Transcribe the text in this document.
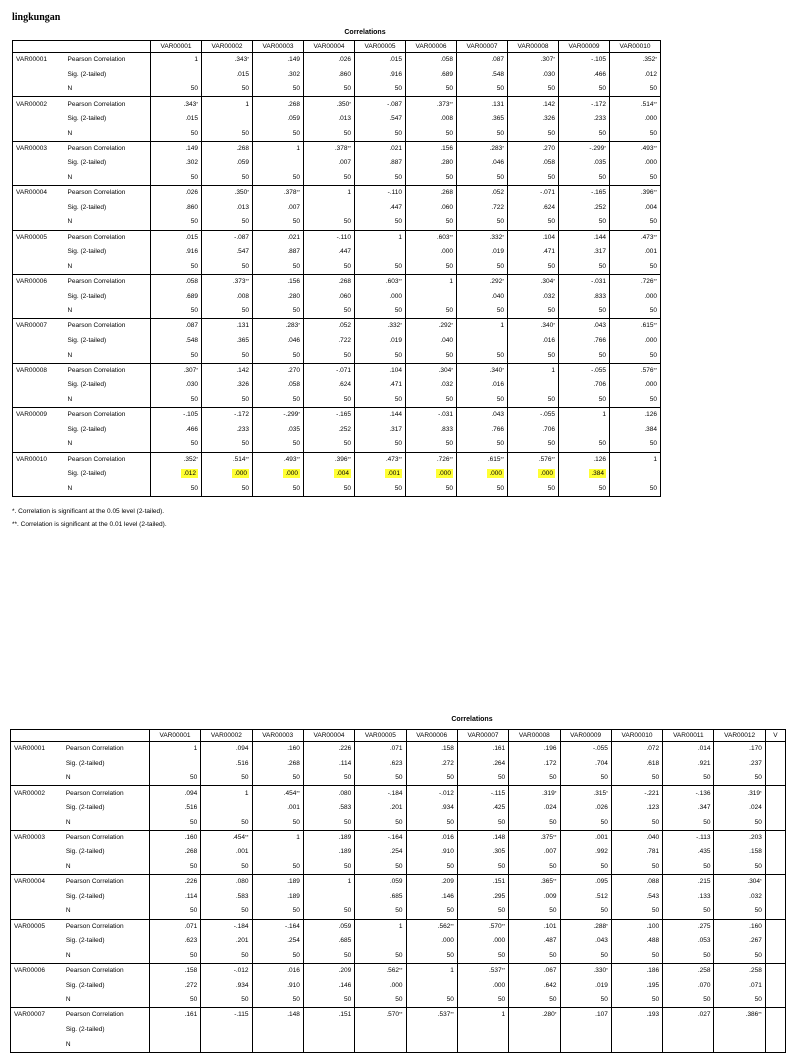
lingkungan
Correlations
		VAR00001	VAR00002	VAR00003	VAR00004	VAR00005	VAR00006	VAR00007	VAR00008	VAR00009	VAR00010
VAR00001	Pearson Correlation	1	.343*	.149	.026	.015	.058	.087	.307*	-.105	.352*
	Sig. (2-tailed)		.015	.302	.860	.916	.689	.548	.030	.466	.012
	N	50	50	50	50	50	50	50	50	50	50
VAR00002	Pearson Correlation	.343*	1	.268	.350*	-.087	.373**	.131	.142	-.172	.514**
	Sig. (2-tailed)	.015		.059	.013	.547	.008	.365	.326	.233	.000
	N	50	50	50	50	50	50	50	50	50	50
VAR00003	Pearson Correlation	.149	.268	1	.378**	.021	.156	.283*	.270	-.299*	.493**
	Sig. (2-tailed)	.302	.059		.007	.887	.280	.046	.058	.035	.000
	N	50	50	50	50	50	50	50	50	50	50
VAR00004	Pearson Correlation	.026	.350*	.378**	1	-.110	.268	.052	-.071	-.165	.396**
	Sig. (2-tailed)	.860	.013	.007		.447	.060	.722	.624	.252	.004
	N	50	50	50	50	50	50	50	50	50	50
VAR00005	Pearson Correlation	.015	-.087	.021	-.110	1	.603**	.332*	.104	.144	.473**
	Sig. (2-tailed)	.916	.547	.887	.447		.000	.019	.471	.317	.001
	N	50	50	50	50	50	50	50	50	50	50
VAR00006	Pearson Correlation	.058	.373**	.156	.268	.603**	1	.292*	.304*	-.031	.726**
	Sig. (2-tailed)	.689	.008	.280	.060	.000		.040	.032	.833	.000
	N	50	50	50	50	50	50	50	50	50	50
VAR00007	Pearson Correlation	.087	.131	.283*	.052	.332*	.292*	1	.340*	.043	.615**
	Sig. (2-tailed)	.548	.365	.046	.722	.019	.040		.016	.766	.000
	N	50	50	50	50	50	50	50	50	50	50
VAR00008	Pearson Correlation	.307*	.142	.270	-.071	.104	.304*	.340*	1	-.055	.576**
	Sig. (2-tailed)	.030	.326	.058	.624	.471	.032	.016		.706	.000
	N	50	50	50	50	50	50	50	50	50	50
VAR00009	Pearson Correlation	-.105	-.172	-.299*	-.165	.144	-.031	.043	-.055	1	.126
	Sig. (2-tailed)	.466	.233	.035	.252	.317	.833	.766	.706		.384
	N	50	50	50	50	50	50	50	50	50	50
VAR00010	Pearson Correlation	.352*	.514**	.493**	.396**	.473**	.726**	.615**	.576**	.126	1
	Sig. (2-tailed)	.012	.000	.000	.004	.001	.000	.000	.000	.384	
	N	50	50	50	50	50	50	50	50	50	50
*. Correlation is significant at the 0.05 level (2-tailed).
**. Correlation is significant at the 0.01 level (2-tailed).
Correlations
		VAR00001	VAR00002	VAR00003	VAR00004	VAR00005	VAR00006	VAR00007	VAR00008	VAR00009	VAR00010	VAR00011	VAR00012	V
VAR00001	Pearson Correlation	1	.094	.160	.226	.071	.158	.161	.196	-.055	.072	.014	.170	
	Sig. (2-tailed)		.516	.268	.114	.623	.272	.264	.172	.704	.618	.921	.237	
	N	50	50	50	50	50	50	50	50	50	50	50	50	
VAR00002	Pearson Correlation	.094	1	.454**	.080	-.184	-.012	-.115	.319*	.315*	-.221	-.136	.319*	
	Sig. (2-tailed)	.516		.001	.583	.201	.934	.425	.024	.026	.123	.347	.024	
	N	50	50	50	50	50	50	50	50	50	50	50	50	
VAR00003	Pearson Correlation	.160	.454**	1	.189	-.164	.016	.148	.375**	.001	.040	-.113	.203	
	Sig. (2-tailed)	.268	.001		.189	.254	.910	.305	.007	.992	.781	.435	.158	
	N	50	50	50	50	50	50	50	50	50	50	50	50	
VAR00004	Pearson Correlation	.226	.080	.189	1	.059	.209	.151	.365**	.095	.088	.215	.304*	
	Sig. (2-tailed)	.114	.583	.189		.685	.146	.295	.009	.512	.543	.133	.032	
	N	50	50	50	50	50	50	50	50	50	50	50	50	
VAR00005	Pearson Correlation	.071	-.184	-.164	.059	1	.562**	.570**	.101	.288*	.100	.275	.160	
	Sig. (2-tailed)	.623	.201	.254	.685		.000	.000	.487	.043	.488	.053	.267	
	N	50	50	50	50	50	50	50	50	50	50	50	50	
VAR00006	Pearson Correlation	.158	-.012	.016	.209	.562**	1	.537**	.067	.330*	.186	.258	.258	
	Sig. (2-tailed)	.272	.934	.910	.146	.000		.000	.642	.019	.195	.070	.071	
	N	50	50	50	50	50	50	50	50	50	50	50	50	
VAR00007	Pearson Correlation	.161	-.115	.148	.151	.570**	.537**	1	.280*	.107	.193	.027	.386**	
	Sig. (2-tailed)													
	N													
